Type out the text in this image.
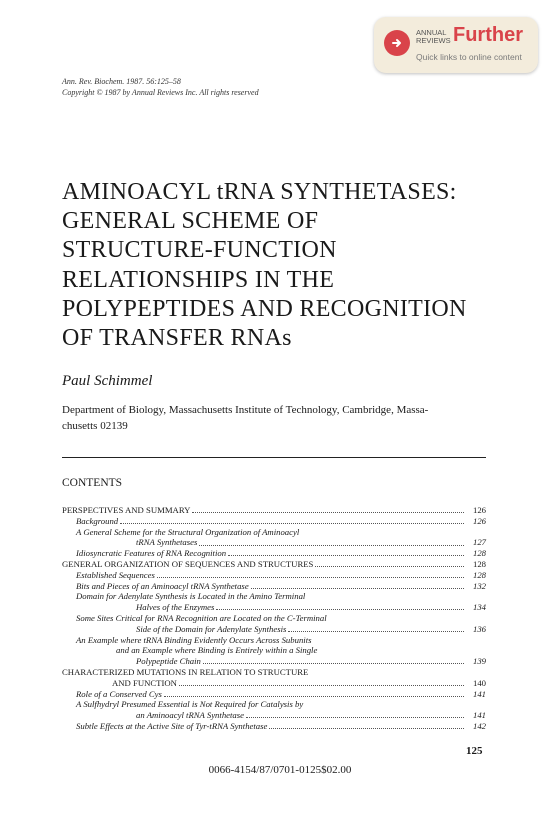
ANNUAL
REVIEWS Further
Quick links to online content
Ann. Rev. Biochem. 1987. 56:125–58
Copyright © 1987 by Annual Reviews Inc. All rights reserved
AMINOACYL tRNA SYNTHETASES:
GENERAL SCHEME OF
STRUCTURE-FUNCTION
RELATIONSHIPS IN THE
POLYPEPTIDES AND RECOGNITION
OF TRANSFER RNAs
Paul Schimmel
Department of Biology, Massachusetts Institute of Technology, Cambridge, Massa-
chusetts 02139
CONTENTS
PERSPECTIVES AND SUMMARY	126
Background	126
A General Scheme for the Structural Organization of Aminoacyl
tRNA Synthetases	127
Idiosyncratic Features of RNA Recognition	128
GENERAL ORGANIZATION OF SEQUENCES AND STRUCTURES	128
Established Sequences	128
Bits and Pieces of an Aminoacyl tRNA Synthetase	132
Domain for Adenylate Synthesis is Located in the Amino Terminal
Halves of the Enzymes	134
Some Sites Critical for RNA Recognition are Located on the C-Terminal
Side of the Domain for Adenylate Synthesis	136
An Example where tRNA Binding Evidently Occurs Across Subunits
and an Example where Binding is Entirely within a Single
Polypeptide Chain	139
CHARACTERIZED MUTATIONS IN RELATION TO STRUCTURE
AND FUNCTION	140
Role of a Conserved Cys	141
A Sulfhydryl Presumed Essential is Not Required for Catalysis by
an Aminoacyl tRNA Synthetase	141
Subtle Effects at the Active Site of Tyr-tRNA Synthetase	142
125
0066-4154/87/0701-0125$02.00
